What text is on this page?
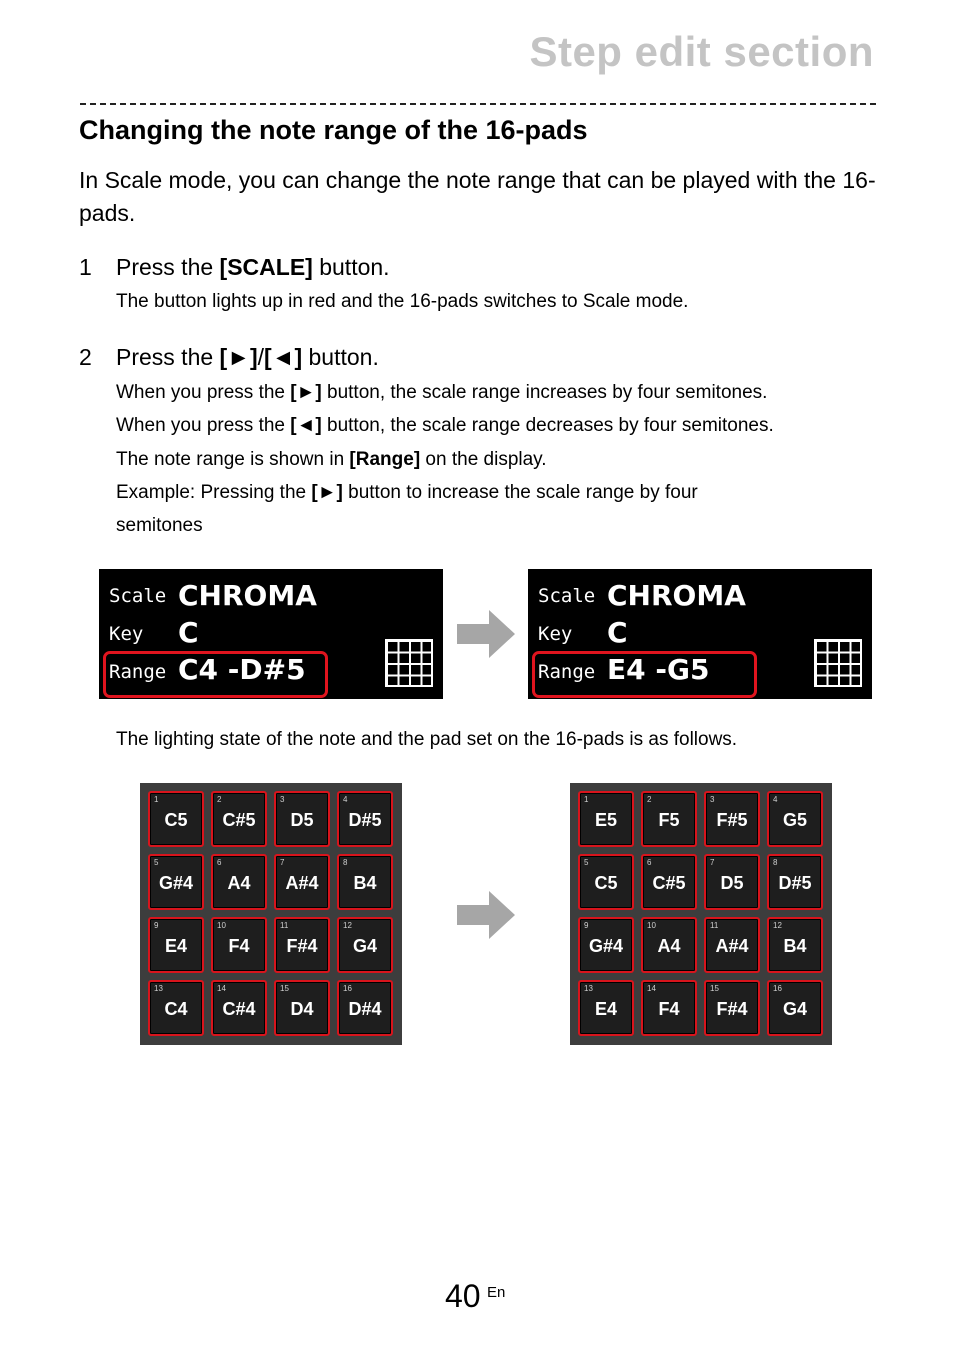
Step edit section
Changing the note range of the 16-pads
In Scale mode, you can change the note range that can be played with the 16-pads.
1 Press the [SCALE] button.
The button lights up in red and the 16-pads switches to Scale mode.
2 Press the [►]/[◄] button.
When you press the [►] button, the scale range increases by four semitones.
When you press the [◄] button, the scale range decreases by four semitones.
The note range is shown in [Range] on the display.
Example: Pressing the [►] button to increase the scale range by four
semitones
Scale CHROMA
Key C
Range C4 -D#5
Scale CHROMA
Key C
Range E4 -G5
The lighting state of the note and the pad set on the 16-pads is as follows.
1
C5
2
C#5
3
D5
4
D#5
5
G#4
6
A4
7
A#4
8
B4
9
E4
10
F4
11
F#4
12
G4
13
C4
14
C#4
15
D4
16
D#4
1
E5
2
F5
3
F#5
4
G5
5
C5
6
C#5
7
D5
8
D#5
9
G#4
10
A4
11
A#4
12
B4
13
E4
14
F4
15
F#4
16
G4
40 En
